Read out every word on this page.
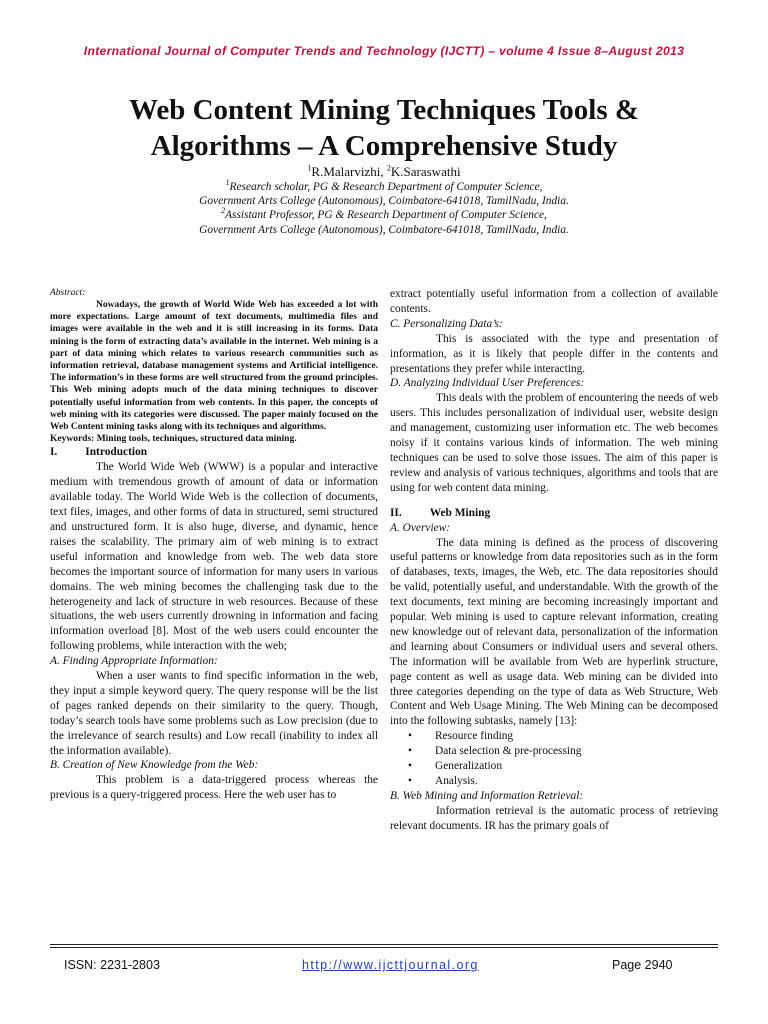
International Journal of Computer Trends and Technology (IJCTT) – volume 4 Issue 8–August 2013
Web Content Mining Techniques Tools &
Algorithms – A Comprehensive Study
$^1$R.Malarvizhi, $^2$K.Saraswathi

$^1$Research scholar, PG & Research Department of Computer Science,

Government Arts College (Autonomous), Coimbatore-641018, TamilNadu, India.

$^2$Assistant Professor, PG & Research Department of Computer Science,

Government Arts College (Autonomous), Coimbatore-641018, TamilNadu, India.

Abstract:

Nowadays, the growth of World Wide Web has exceeded a lot with more expectations. Large amount of text documents, multimedia files and images were available in the web and it is still increasing in its forms. Data mining is the form of extracting data’s available in the internet. Web mining is a part of data mining which relates to various research communities such as information retrieval, database management systems and Artificial intelligence. The information’s in these forms are well structured from the ground principles. This Web mining adopts much of the data mining techniques to discover potentially useful information from web contents. In this paper, the concepts of web mining with its categories were discussed. The paper mainly focused on the Web Content mining tasks along with its techniques and algorithms.

Keywords: Mining tools, techniques, structured data mining.

I. Introduction

The World Wide Web (WWW) is a popular and interactive medium with tremendous growth of amount of data or information available today. The World Wide Web is the collection of documents, text files, images, and other forms of data in structured, semi structured and unstructured form. It is also huge, diverse, and dynamic, hence raises the scalability. The primary aim of web mining is to extract useful information and knowledge from web. The web data store becomes the important source of information for many users in various domains. The web mining becomes the challenging task due to the heterogeneity and lack of structure in web resources. Because of these situations, the web users currently drowning in information and facing information overload [8]. Most of the web users could encounter the following problems, while interaction with the web;

A. Finding Appropriate Information:

When a user wants to find specific information in the web, they input a simple keyword query. The query response will be the list of pages ranked depends on their similarity to the query. Though, today’s search tools have some problems such as Low precision (due to the irrelevance of search results) and Low recall (inability to index all the information available).

B. Creation of New Knowledge from the Web:

This problem is a data-triggered process whereas the previous is a query-triggered process. Here the web user has to

extract potentially useful information from a collection of available contents.

C. Personalizing Data’s:

This is associated with the type and presentation of information, as it is likely that people differ in the contents and presentations they prefer while interacting.

D. Analyzing Individual User Preferences:

This deals with the problem of encountering the needs of web users. This includes personalization of individual user, website design and management, customizing user information etc. The web becomes noisy if it contains various kinds of information. The web mining techniques can be used to solve those issues. The aim of this paper is review and analysis of various techniques, algorithms and tools that are using for web content data mining.

II. Web Mining

A. Overview:

The data mining is defined as the process of discovering useful patterns or knowledge from data repositories such as in the form of databases, texts, images, the Web, etc. The data repositories should be valid, potentially useful, and understandable. With the growth of the text documents, text mining are becoming increasingly important and popular. Web mining is used to capture relevant information, creating new knowledge out of relevant data, personalization of the information and learning about Consumers or individual users and several others. The information will be available from Web are hyperlink structure, page content as well as usage data. Web mining can be divided into three categories depending on the type of data as Web Structure, Web Content and Web Usage Mining. The Web Mining can be decomposed into the following subtasks, namely [13]:

• Resource finding
• Data selection & pre-processing
• Generalization
• Analysis.

B. Web Mining and Information Retrieval:

Information retrieval is the automatic process of retrieving relevant documents. IR has the primary goals of

ISSN: 2231-2803	http://www.ijcttjournal.org	Page 2940
